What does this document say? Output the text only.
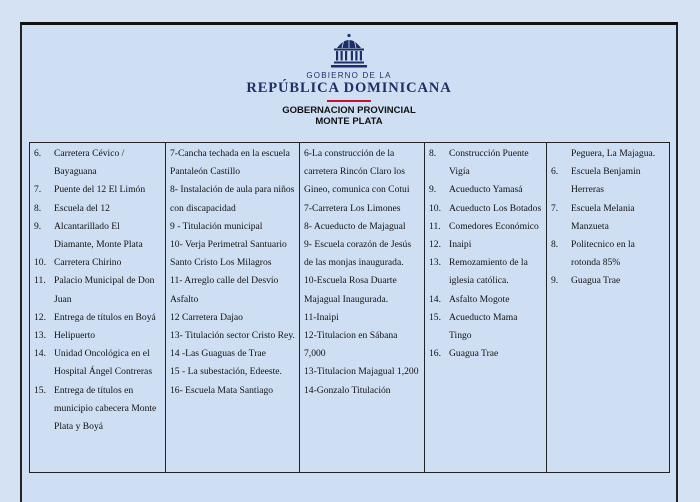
GOBIERNO DE LA
REPÚBLICA DOMINICANA
GOBERNACION PROVINCIAL
MONTE PLATA
6. Carretera Cévico / Bayaguana
7. Puente del 12 El Limón
8. Escuela del 12
9. Alcantarillado El Diamante, Monte Plata
10. Carretera Chirino
11. Palacio Municipal de Don Juan
12. Entrega de títulos en Boyá
13. Helipuerto
14. Unidad Oncológica en el Hospital Ángel Contreras
15. Entrega de títulos en municipio cabecera Monte Plata y Boyá

7-Cancha techada en la escuela Pantaleón Castillo
8- Instalación de aula para niños con discapacidad
9 - Titulación municipal
10- Verja Perimetral Santuario Santo Cristo Los Milagros
11- Arreglo calle del Desvío Asfalto
12 Carretera Dajao
13- Titulación sector Cristo Rey.
14 -Las Guaguas de Trae
15 - La subestación, Edeeste.
16- Escuela Mata Santiago

6-La construcción de la carretera Rincón Claro los Gineo, comunica con Cotui
7-Carretera Los Limones
8- Acueducto de Majagual
9- Escuela corazón de Jesús de las monjas inaugurada.
10-Escuela Rosa Duarte Majagual Inaugurada.
11-Inaipi
12-Titulacion en Sábana 7,000
13-Titulacion Majagual 1,200
14-Gonzalo Titulación

8. Construcción Puente Vigía
9. Acueducto Yamasá
10. Acueducto Los Botados
11. Comedores Económico
12. Inaipi
13. Remozamiento de la iglesia católica.
14. Asfalto Mogote
15. Acueducto Mama Tingo
16. Guagua Trae

Peguera, La Majagua.
6. Escuela Benjamin Herreras
7. Escuela Melania Manzueta
8. Politecnico en la rotonda 85%
9. Guagua Trae
